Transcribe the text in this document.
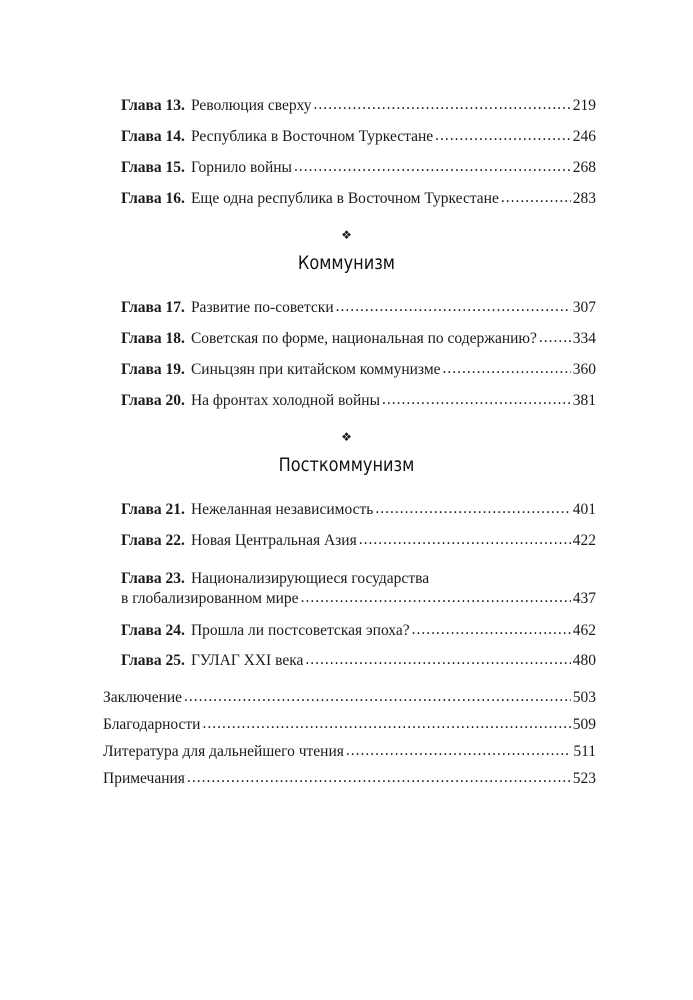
Глава 13. Революция сверху .....	219
Глава 14. Республика в Восточном Туркестане .....	246
Глава 15. Горнило войны .....	268
Глава 16. Еще одна республика в Восточном Туркестане .....	283
❖
Коммунизм
Глава 17. Развитие по-советски .....	307
Глава 18. Советская по форме, национальная по содержанию? ..... 334
Глава 19. Синьцзян при китайском коммунизме .....	360
Глава 20. На фронтах холодной войны .....	381
❖
Посткоммунизм
Глава 21. Нежеланная независимость .....	401
Глава 22. Новая Центральная Азия .....	422
Глава 23. Национализирующиеся государства
в глобализированном мире .....	437
Глава 24. Прошла ли постсоветская эпоха? .....	462
Глава 25. ГУЛАГ XXI века .....	480
Заключение .....	503
Благодарности .....	509
Литература для дальнейшего чтения .....	511
Примечания .....	523
